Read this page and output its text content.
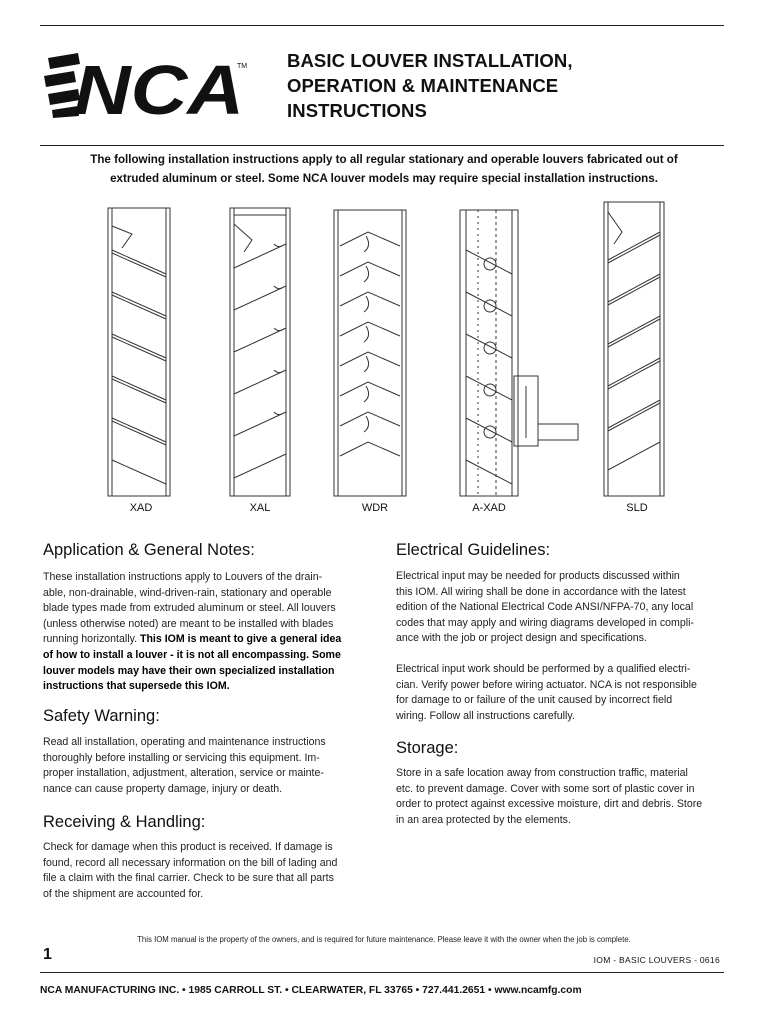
NCA
TM BASIC LOUVER INSTALLATION,
OPERATION & MAINTENANCE
INSTRUCTIONS
The following installation instructions apply to all regular stationary and operable louvers fabricated out of
extruded aluminum or steel. Some NCA louver models may require special installation instructions.
XAD	XAL	WDR	A-XAD	SLD
Application & General Notes:
These installation instructions apply to Louvers of the drain-
able, non-drainable, wind-driven-rain, stationary and operable
blade types made from extruded aluminum or steel. All louvers
(unless otherwise noted) are meant to be installed with blades
running horizontally. This IOM is meant to give a general idea
of how to install a louver - it is not all encompassing. Some
louver models may have their own specialized installation
instructions that supersede this IOM.
Safety Warning:
Read all installation, operating and maintenance instructions
thoroughly before installing or servicing this equipment. Im-
proper installation, adjustment, alteration, service or mainte-
nance can cause property damage, injury or death.
Receiving & Handling:
Check for damage when this product is received. If damage is
found, record all necessary information on the bill of lading and
file a claim with the final carrier. Check to be sure that all parts
of the shipment are accounted for.
Electrical Guidelines:
Electrical input may be needed for products discussed within
this IOM. All wiring shall be done in accordance with the latest
edition of the National Electrical Code ANSI/NFPA-70, any local
codes that may apply and wiring diagrams developed in compli-
ance with the job or project design and specifications.
Electrical input work should be performed by a qualified electri-
cian. Verify power before wiring actuator. NCA is not responsible
for damage to or failure of the unit caused by incorrect field
wiring. Follow all instructions carefully.
Storage:
Store in a safe location away from construction traffic, material
etc. to prevent damage. Cover with some sort of plastic cover in
order to protect against excessive moisture, dirt and debris. Store
in an area protected by the elements.
This IOM manual is the property of the owners, and is required for future maintenance. Please leave it with the owner when the job is complete.
1	IOM - BASIC LOUVERS - 0616
NCA MANUFACTURING INC. • 1985 CARROLL ST. • CLEARWATER, FL 33765 • 727.441.2651 • www.ncamfg.com
